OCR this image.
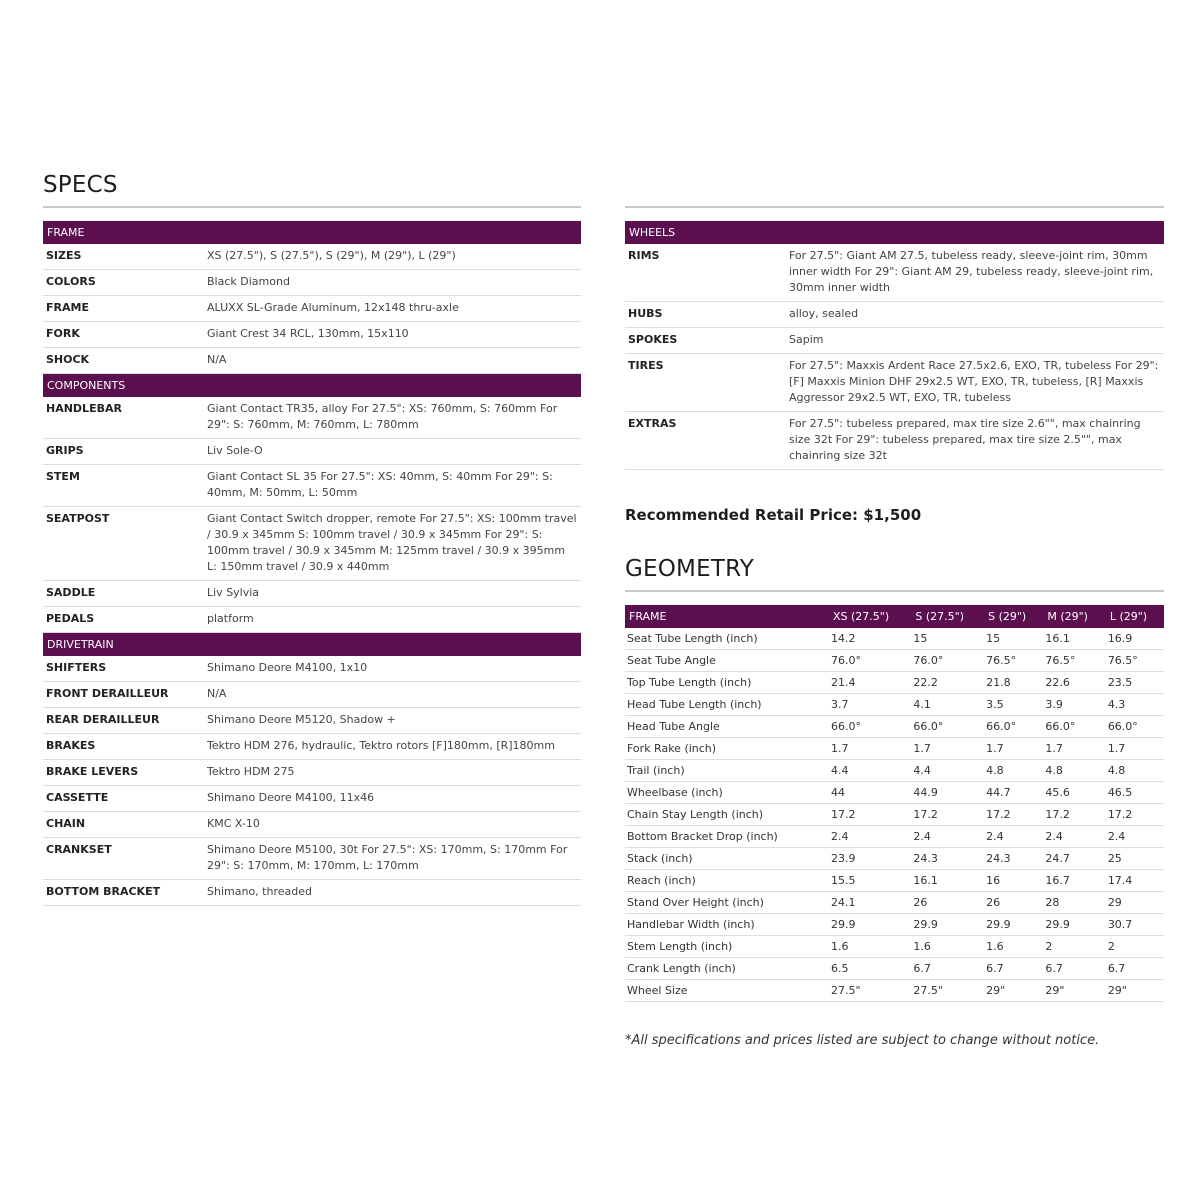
SPECS
FRAME
SIZES	XS (27.5"), S (27.5"), S (29"), M (29"), L (29")
COLORS	Black Diamond
FRAME	ALUXX SL-Grade Aluminum, 12x148 thru-axle
FORK	Giant Crest 34 RCL, 130mm, 15x110
SHOCK	N/A
COMPONENTS
HANDLEBAR	Giant Contact TR35, alloy For 27.5": XS: 760mm, S: 760mm For 29": S: 760mm, M: 760mm, L: 780mm
GRIPS	Liv Sole-O
STEM	Giant Contact SL 35 For 27.5": XS: 40mm, S: 40mm For 29": S: 40mm, M: 50mm, L: 50mm
SEATPOST	Giant Contact Switch dropper, remote For 27.5": XS: 100mm travel / 30.9 x 345mm S: 100mm travel / 30.9 x 345mm For 29": S: 100mm travel / 30.9 x 345mm M: 125mm travel / 30.9 x 395mm L: 150mm travel / 30.9 x 440mm
SADDLE	Liv Sylvia
PEDALS	platform
DRIVETRAIN
SHIFTERS	Shimano Deore M4100, 1x10
FRONT DERAILLEUR	N/A
REAR DERAILLEUR	Shimano Deore M5120, Shadow +
BRAKES	Tektro HDM 276, hydraulic, Tektro rotors [F]180mm, [R]180mm
BRAKE LEVERS	Tektro HDM 275
CASSETTE	Shimano Deore M4100, 11x46
CHAIN	KMC X-10
CRANKSET	Shimano Deore M5100, 30t For 27.5": XS: 170mm, S: 170mm For 29": S: 170mm, M: 170mm, L: 170mm
BOTTOM BRACKET	Shimano, threaded
WHEELS
RIMS	For 27.5": Giant AM 27.5, tubeless ready, sleeve-joint rim, 30mm inner width For 29": Giant AM 29, tubeless ready, sleeve-joint rim, 30mm inner width
HUBS	alloy, sealed
SPOKES	Sapim
TIRES	For 27.5": Maxxis Ardent Race 27.5x2.6, EXO, TR, tubeless For 29": [F] Maxxis Minion DHF 29x2.5 WT, EXO, TR, tubeless, [R] Maxxis Aggressor 29x2.5 WT, EXO, TR, tubeless
EXTRAS	For 27.5": tubeless prepared, max tire size 2.6"", max chainring size 32t For 29": tubeless prepared, max tire size 2.5"", max chainring size 32t
Recommended Retail Price: $1,500
GEOMETRY
FRAME	XS (27.5")	S (27.5")	S (29")	M (29")	L (29")
Seat Tube Length (inch)	14.2	15	15	16.1	16.9
Seat Tube Angle	76.0°	76.0°	76.5°	76.5°	76.5°
Top Tube Length (inch)	21.4	22.2	21.8	22.6	23.5
Head Tube Length (inch)	3.7	4.1	3.5	3.9	4.3
Head Tube Angle	66.0°	66.0°	66.0°	66.0°	66.0°
Fork Rake (inch)	1.7	1.7	1.7	1.7	1.7
Trail (inch)	4.4	4.4	4.8	4.8	4.8
Wheelbase (inch)	44	44.9	44.7	45.6	46.5
Chain Stay Length (inch)	17.2	17.2	17.2	17.2	17.2
Bottom Bracket Drop (inch)	2.4	2.4	2.4	2.4	2.4
Stack (inch)	23.9	24.3	24.3	24.7	25
Reach (inch)	15.5	16.1	16	16.7	17.4
Stand Over Height (inch)	24.1	26	26	28	29
Handlebar Width (inch)	29.9	29.9	29.9	29.9	30.7
Stem Length (inch)	1.6	1.6	1.6	2	2
Crank Length (inch)	6.5	6.7	6.7	6.7	6.7
Wheel Size	27.5"	27.5"	29"	29"	29"
*All specifications and prices listed are subject to change without notice.
